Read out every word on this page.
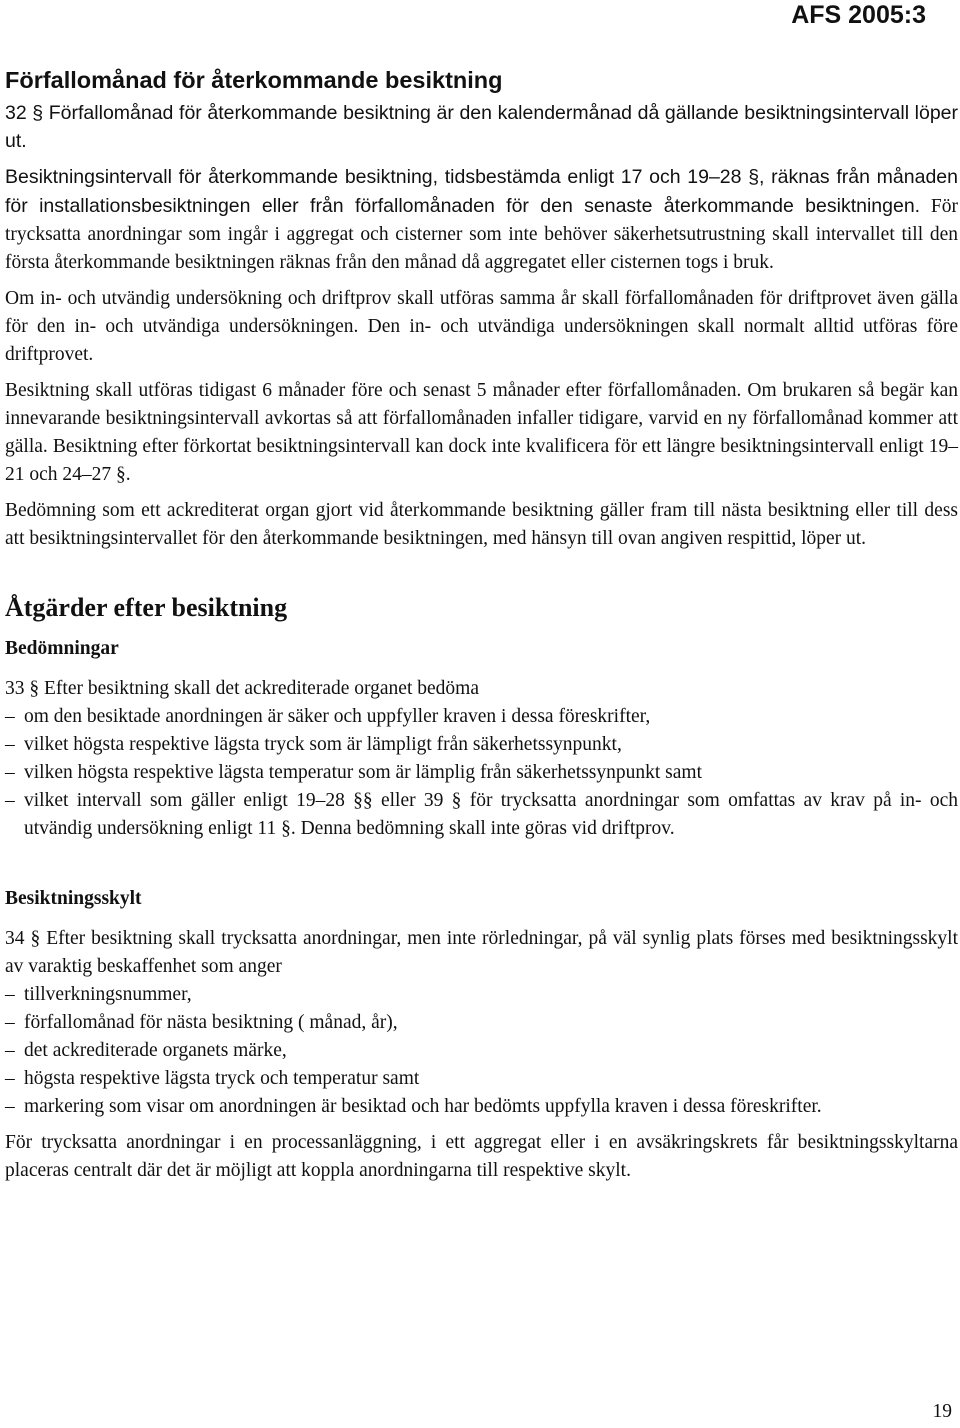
AFS 2005:3
Förfallomånad för återkommande besiktning

32 § Förfallomånad för återkommande besiktning är den kalendermånad då gällande besiktningsintervall löper ut.

Besiktningsintervall för återkommande besiktning, tidsbestämda enligt 17 och 19–28 §, räknas från månaden för installationsbesiktningen eller från förfallomånaden för den senaste återkommande besiktningen. För trycksatta anordningar som ingår i aggregat och cisterner som inte behöver säkerhetsutrustning skall intervallet till den första återkommande besiktningen räknas från den månad då aggregatet eller cisternen togs i bruk.

Om in- och utvändig undersökning och driftprov skall utföras samma år skall förfallomånaden för driftprovet även gälla för den in- och utvändiga undersökningen. Den in- och utvändiga undersökningen skall normalt alltid utföras före driftprovet.

Besiktning skall utföras tidigast 6 månader före och senast 5 månader efter förfallomånaden. Om brukaren så begär kan innevarande besiktningsintervall avkortas så att förfallomånaden infaller tidigare, varvid en ny förfallomånad kommer att gälla. Besiktning efter förkortat besiktningsintervall kan dock inte kvalificera för ett längre besiktningsintervall enligt 19–21 och 24–27 §.

Bedömning som ett ackrediterat organ gjort vid återkommande besiktning gäller fram till nästa besiktning eller till dess att besiktningsintervallet för den återkommande besiktningen, med hänsyn till ovan angiven respittid, löper ut.

Åtgärder efter besiktning
Bedömningar

33 § Efter besiktning skall det ackrediterade organet bedöma

– om den besiktade anordningen är säker och uppfyller kraven i dessa föreskrifter,
– vilket högsta respektive lägsta tryck som är lämpligt från säkerhetssynpunkt,
– vilken högsta respektive lägsta temperatur som är lämplig från säkerhetssynpunkt samt
– vilket intervall som gäller enligt 19–28 §§ eller 39 § för trycksatta anordningar som omfattas av krav på in- och utvändig undersökning enligt 11 §. Denna bedömning skall inte göras vid driftprov.
Besiktningsskylt

34 § Efter besiktning skall trycksatta anordningar, men inte rörledningar, på väl synlig plats förses med besiktningsskylt av varaktig beskaffenhet som anger

– tillverkningsnummer,
– förfallomånad för nästa besiktning ( månad, år),
– det ackrediterade organets märke,
– högsta respektive lägsta tryck och temperatur samt
– markering som visar om anordningen är besiktad och har bedömts uppfylla kraven i dessa föreskrifter.

För trycksatta anordningar i en processanläggning, i ett aggregat eller i en avsäkringskrets får besiktningsskyltarna placeras centralt där det är möjligt att koppla anordningarna till respektive skylt.

19
